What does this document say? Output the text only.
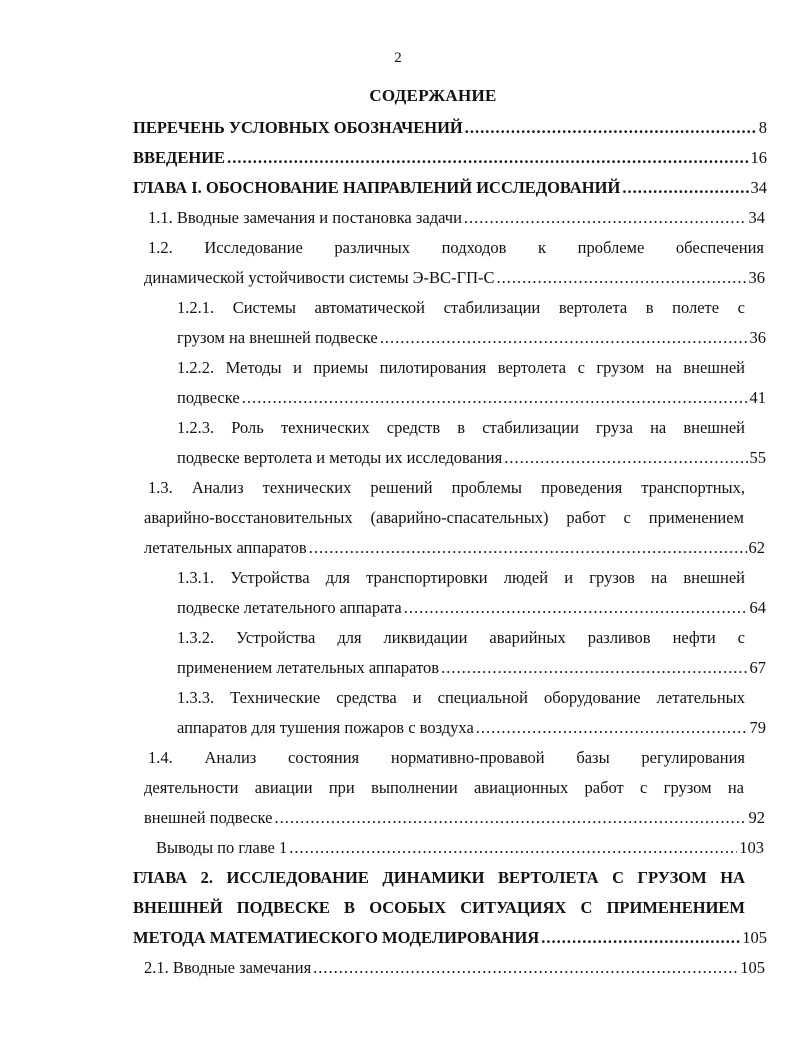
2
СОДЕРЖАНИЕ
ПЕРЕЧЕНЬ УСЛОВНЫХ ОБОЗНАЧЕНИЙ .....	8
ВВЕДЕНИЕ .....	16
ГЛАВА I. ОБОСНОВАНИЕ НАПРАВЛЕНИЙ ИССЛЕДОВАНИЙ .....	34
1.1. Вводные замечания и постановка задачи .....	34
1.2. Исследование различных подходов к проблеме обеспечения
динамической устойчивости системы Э-ВС-ГП-С .....	36
1.2.1. Системы автоматической стабилизации вертолета в полете с
грузом на внешней подвеске .....	36
1.2.2. Методы и приемы пилотирования вертолета с грузом на внешней
подвеске .....	41
1.2.3. Роль технических средств в стабилизации груза на внешней
подвеске вертолета и методы их исследования .....	55
1.3. Анализ технических решений проблемы проведения транспортных,
аварийно-восстановительных (аварийно-спасательных) работ с применением
летательных аппаратов .....	62
1.3.1. Устройства для транспортировки людей и грузов на внешней
подвеске летательного аппарата .....	64
1.3.2. Устройства для ликвидации аварийных разливов нефти с
применением летательных аппаратов .....	67
1.3.3. Технические средства и специальной оборудование летательных
аппаратов для тушения пожаров с воздуха .....	79
1.4. Анализ состояния нормативно-провавой базы регулирования
деятельности авиации при выполнении авиационных работ с грузом на
внешней подвеске .....	92
Выводы по главе 1 .....	103
ГЛАВА 2. ИССЛЕДОВАНИЕ ДИНАМИКИ ВЕРТОЛЕТА С ГРУЗОМ НА
ВНЕШНЕЙ ПОДВЕСКЕ В ОСОБЫХ СИТУАЦИЯХ С ПРИМЕНЕНИЕМ
МЕТОДА МАТЕМАТИЕСКОГО МОДЕЛИРОВАНИЯ .....	105
2.1. Вводные замечания .....	105
